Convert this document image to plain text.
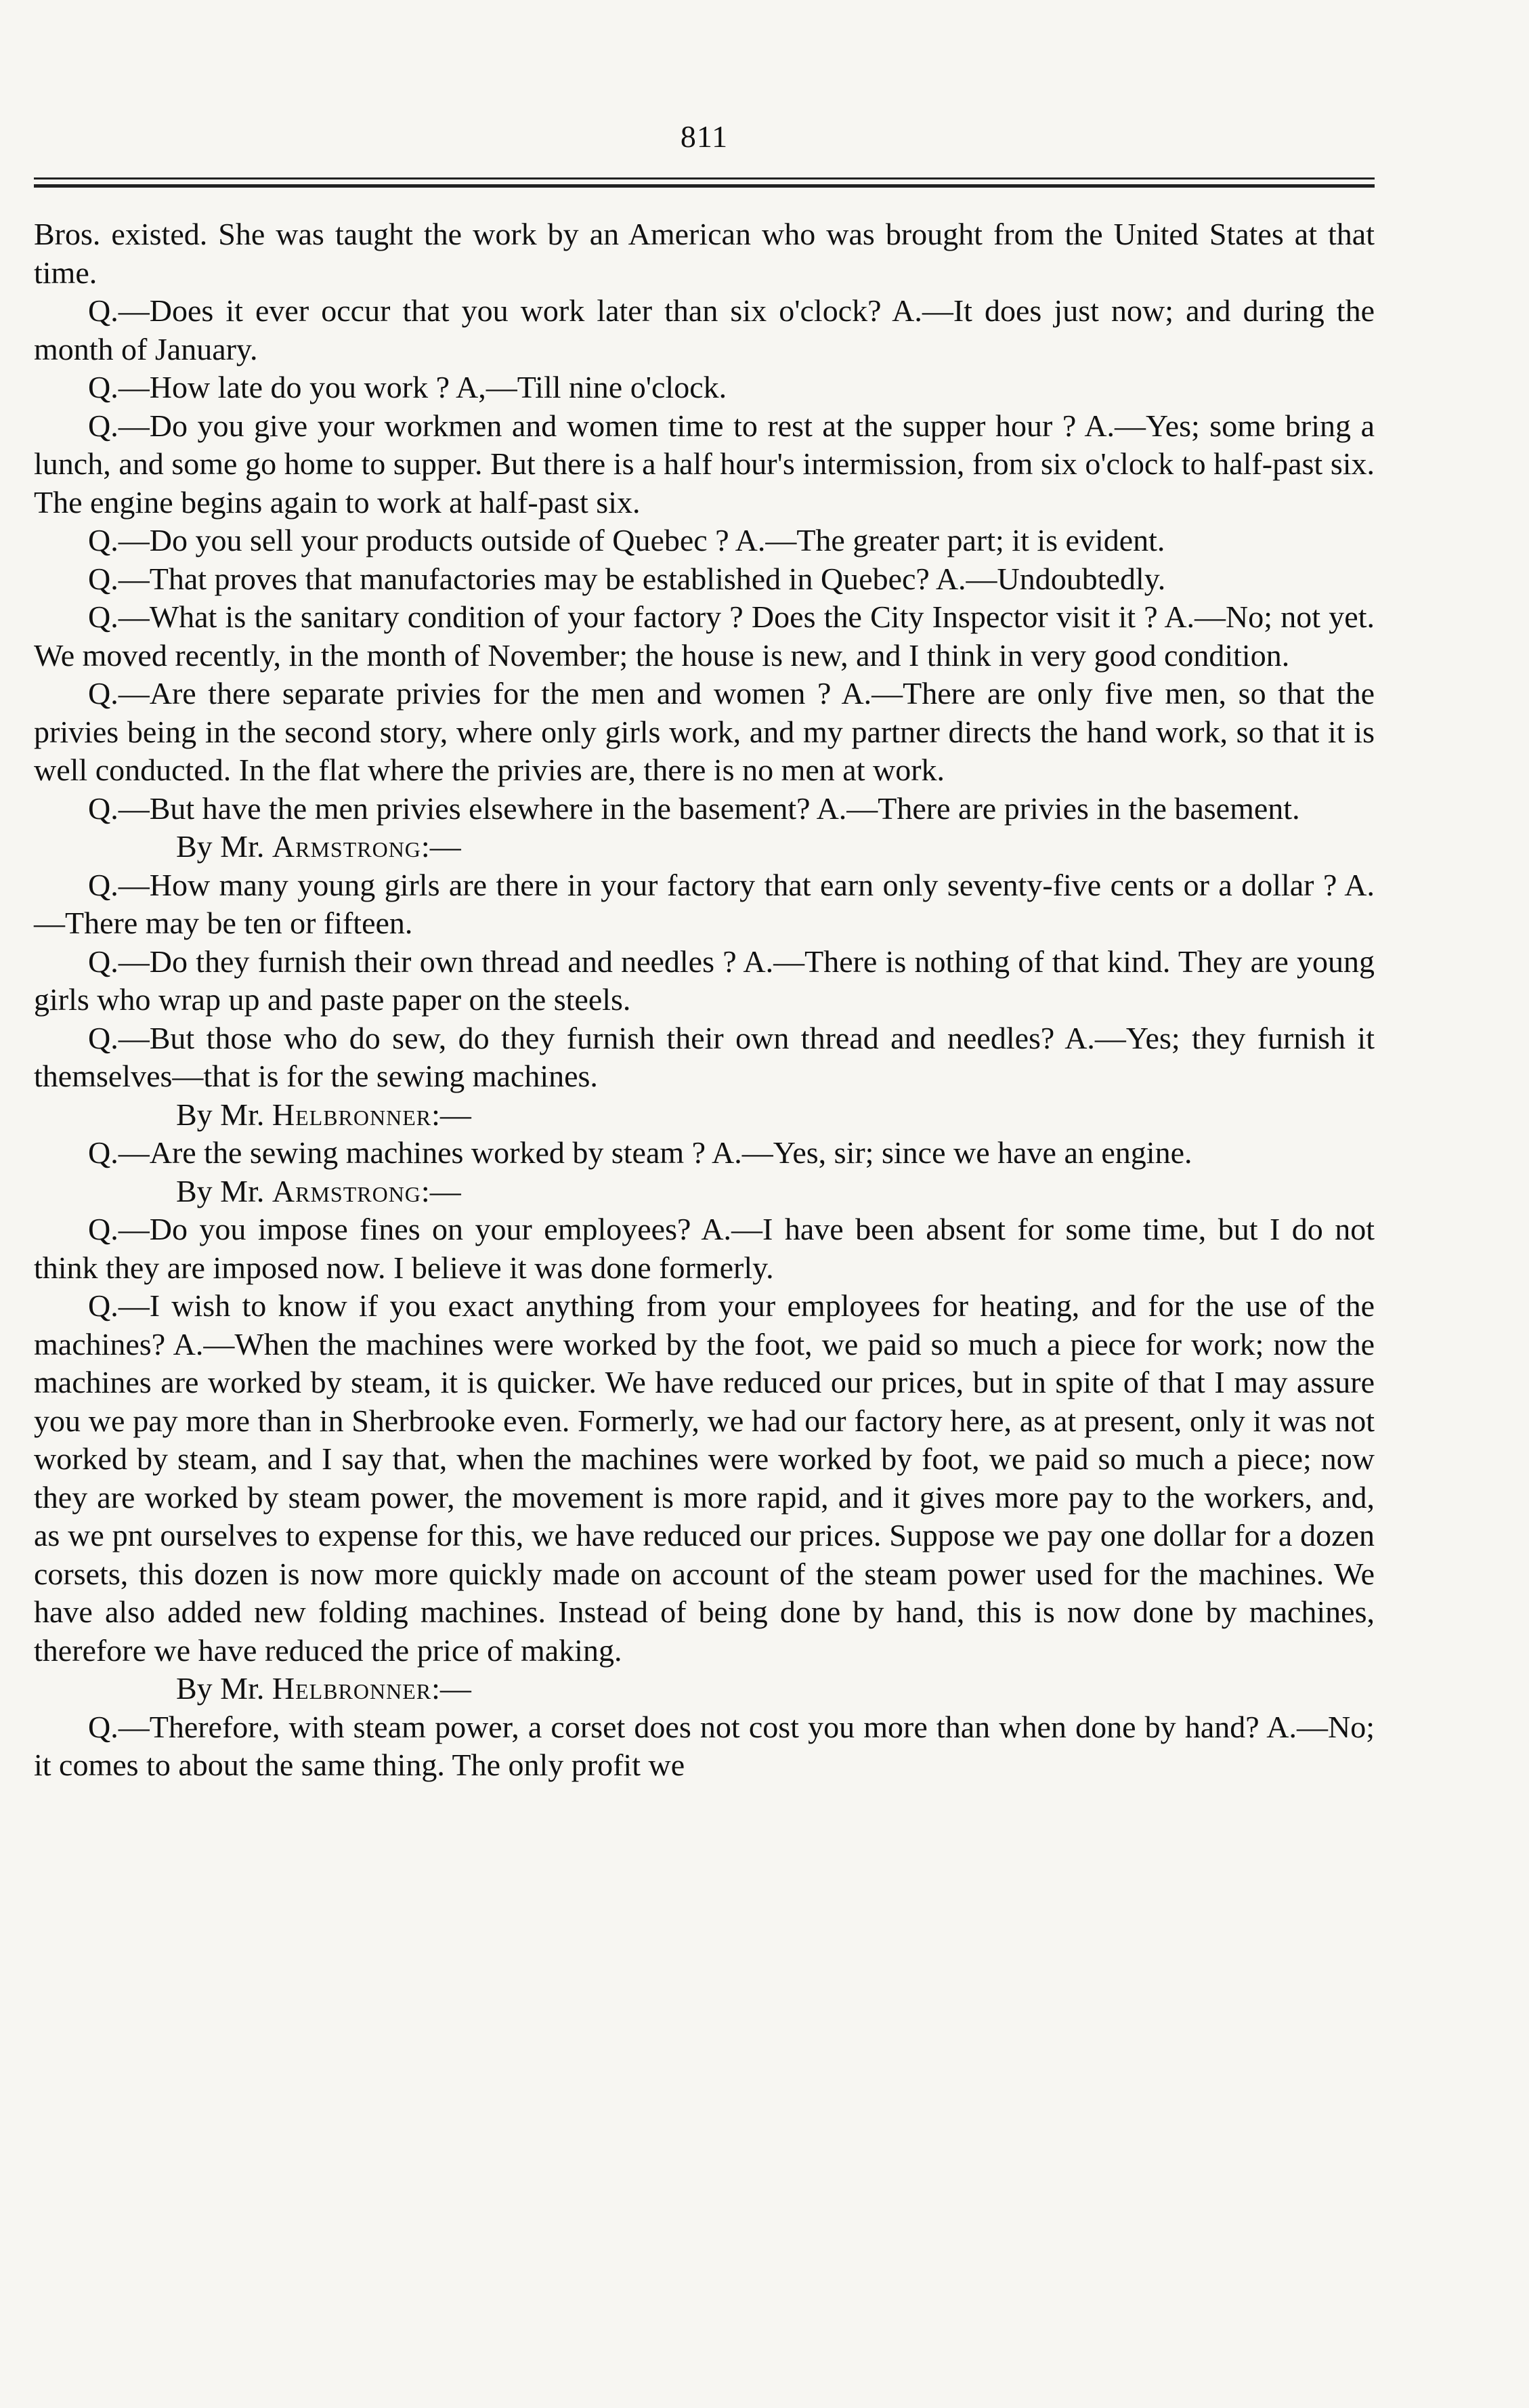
811

Bros. existed. She was taught the work by an American who was brought from the United States at that time.

Q.—Does it ever occur that you work later than six o'clock? A.—It does just now; and during the month of January.

Q.—How late do you work ? A,—Till nine o'clock.

Q.—Do you give your workmen and women time to rest at the supper hour ? A.—Yes; some bring a lunch, and some go home to supper. But there is a half hour's intermission, from six o'clock to half-past six. The engine begins again to work at half-past six.

Q.—Do you sell your products outside of Quebec ? A.—The greater part; it is evident.

Q.—That proves that manufactories may be established in Quebec? A.—Undoubtedly.

Q.—What is the sanitary condition of your factory ? Does the City Inspector visit it ? A.—No; not yet. We moved recently, in the month of November; the house is new, and I think in very good condition.

Q.—Are there separate privies for the men and women ? A.—There are only five men, so that the privies being in the second story, where only girls work, and my partner directs the hand work, so that it is well conducted. In the flat where the privies are, there is no men at work.

Q.—But have the men privies elsewhere in the basement? A.—There are privies in the basement.

By Mr. Armstrong:—

Q.—How many young girls are there in your factory that earn only seventy-five cents or a dollar ? A.—There may be ten or fifteen.

Q.—Do they furnish their own thread and needles ? A.—There is nothing of that kind. They are young girls who wrap up and paste paper on the steels.

Q.—But those who do sew, do they furnish their own thread and needles? A.—Yes; they furnish it themselves—that is for the sewing machines.

By Mr. Helbronner:—

Q.—Are the sewing machines worked by steam ? A.—Yes, sir; since we have an engine.

By Mr. Armstrong:—

Q.—Do you impose fines on your employees? A.—I have been absent for some time, but I do not think they are imposed now. I believe it was done formerly.

Q.—I wish to know if you exact anything from your employees for heating, and for the use of the machines? A.—When the machines were worked by the foot, we paid so much a piece for work; now the machines are worked by steam, it is quicker. We have reduced our prices, but in spite of that I may assure you we pay more than in Sherbrooke even. Formerly, we had our factory here, as at present, only it was not worked by steam, and I say that, when the machines were worked by foot, we paid so much a piece; now they are worked by steam power, the movement is more rapid, and it gives more pay to the workers, and, as we pnt ourselves to expense for this, we have reduced our prices. Suppose we pay one dollar for a dozen corsets, this dozen is now more quickly made on account of the steam power used for the machines. We have also added new folding machines. Instead of being done by hand, this is now done by machines, therefore we have reduced the price of making.

By Mr. Helbronner:—

Q.—Therefore, with steam power, a corset does not cost you more than when done by hand? A.—No; it comes to about the same thing. The only profit we
